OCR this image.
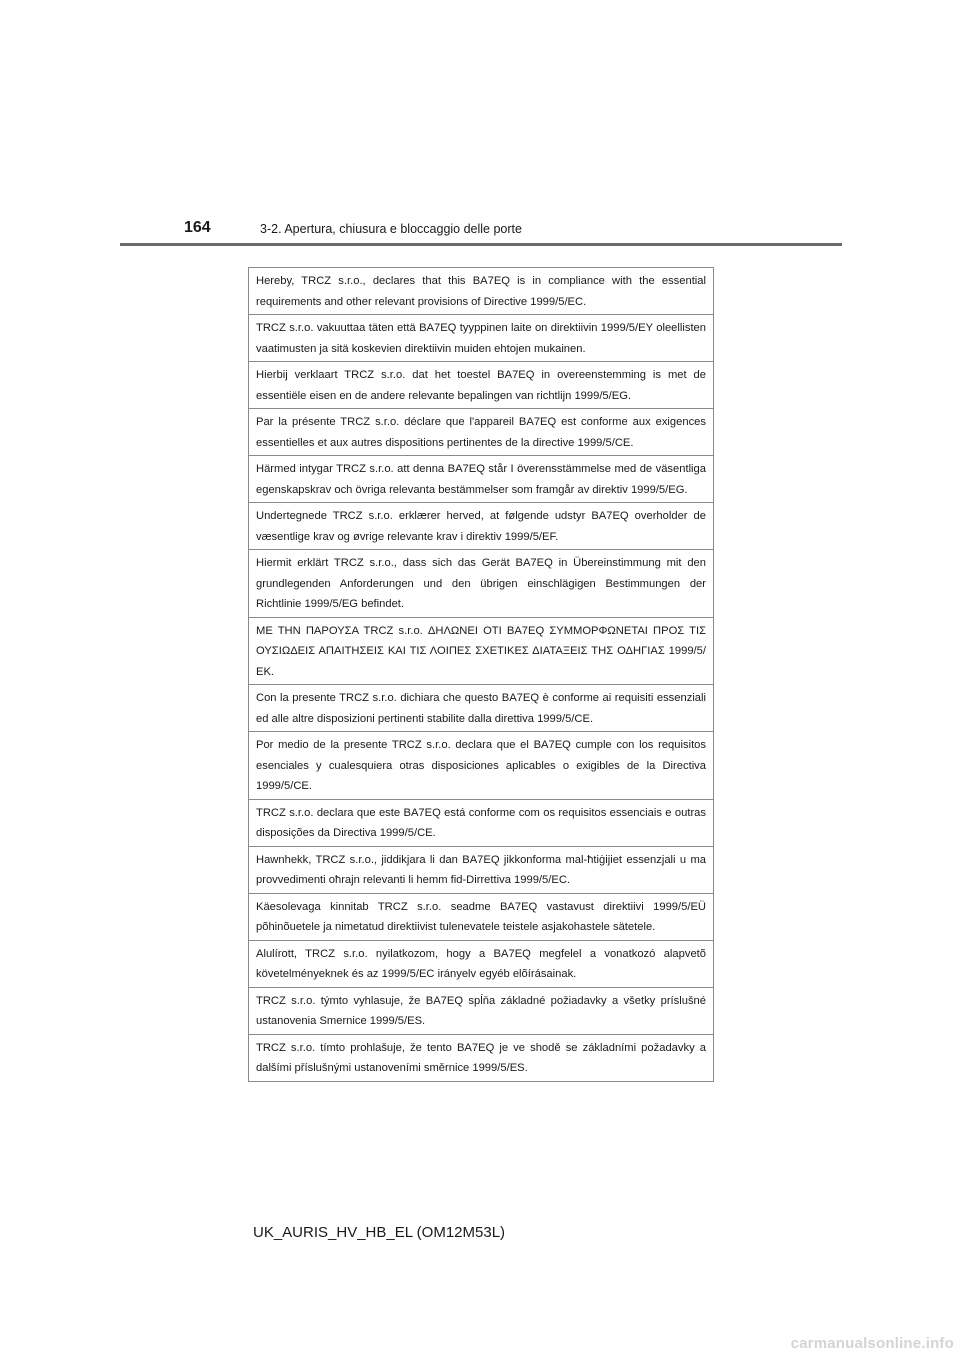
164	3-2. Apertura, chiusura e bloccaggio delle porte
Hereby, TRCZ s.r.o., declares that this BA7EQ is in compliance with the essential requirements and other relevant provisions of Directive 1999/5/EC.
TRCZ s.r.o. vakuuttaa täten että BA7EQ tyyppinen laite on direktiivin 1999/5/EY oleellisten vaatimusten ja sitä koskevien direktiivin muiden ehtojen mukainen.
Hierbij verklaart TRCZ s.r.o. dat het toestel BA7EQ in overeenstemming is met de essentiële eisen en de andere relevante bepalingen van richtlijn 1999/5/EG.
Par la présente TRCZ s.r.o. déclare que l'appareil BA7EQ est conforme aux exigences essentielles et aux autres dispositions pertinentes de la directive 1999/5/CE.
Härmed intygar TRCZ s.r.o. att denna BA7EQ står I överensstämmelse med de väsentliga egenskapskrav och övriga relevanta bestämmelser som framgår av direktiv 1999/5/EG.
Undertegnede TRCZ s.r.o. erklærer herved, at følgende udstyr BA7EQ overholder de væsentlige krav og øvrige relevante krav i direktiv 1999/5/EF.
Hiermit erklärt TRCZ s.r.o., dass sich das Gerät BA7EQ in Übereinstimmung mit den grundlegenden Anforderungen und den übrigen einschlägigen Bestimmungen der Richtlinie 1999/5/EG befindet.
ΜΕ ΤΗΝ ΠΑΡΟΥΣΑ TRCZ s.r.o. ΔΗΛΩΝΕΙ ΟΤΙ BA7EQ ΣΥΜΜΟΡΦΩΝΕΤΑΙ ΠΡΟΣ ΤΙΣ ΟΥΣΙΩΔΕΙΣ ΑΠΑΙΤΗΣΕΙΣ ΚΑΙ ΤΙΣ ΛΟΙΠΕΣ ΣΧΕΤΙΚΕΣ ΔΙΑΤΑΞΕΙΣ ΤΗΣ ΟΔΗΓΙΑΣ 1999/5/ΕΚ.
Con la presente TRCZ s.r.o. dichiara che questo BA7EQ è conforme ai requisiti essenziali ed alle altre disposizioni pertinenti stabilite dalla direttiva 1999/5/CE.
Por medio de la presente TRCZ s.r.o. declara que el BA7EQ cumple con los requisitos esenciales y cualesquiera otras disposiciones aplicables o exigibles de la Directiva 1999/5/CE.
TRCZ s.r.o. declara que este BA7EQ está conforme com os requisitos essenciais e outras disposições da Directiva 1999/5/CE.
Hawnhekk, TRCZ s.r.o., jiddikjara li dan BA7EQ jikkonforma mal-ħtiġijiet essenzjali u ma provvedimenti oħrajn relevanti li hemm fid-Dirrettiva 1999/5/EC.
Käesolevaga kinnitab TRCZ s.r.o. seadme BA7EQ vastavust direktiivi 1999/5/EÜ põhinõuetele ja nimetatud direktiivist tulenevatele teistele asjakohastele sätetele.
Alulírott, TRCZ s.r.o. nyilatkozom, hogy a BA7EQ megfelel a vonatkozó alapvetõ követelményeknek és az 1999/5/EC irányelv egyéb elõírásainak.
TRCZ s.r.o. týmto vyhlasuje, že BA7EQ spĺňa základné požiadavky a všetky príslušné ustanovenia Smernice 1999/5/ES.
TRCZ s.r.o. tímto prohlašuje, že tento BA7EQ je ve shodě se základními požadavky a dalšími příslušnými ustanoveními směrnice 1999/5/ES.
UK_AURIS_HV_HB_EL (OM12M53L)
carmanualsonline.info
